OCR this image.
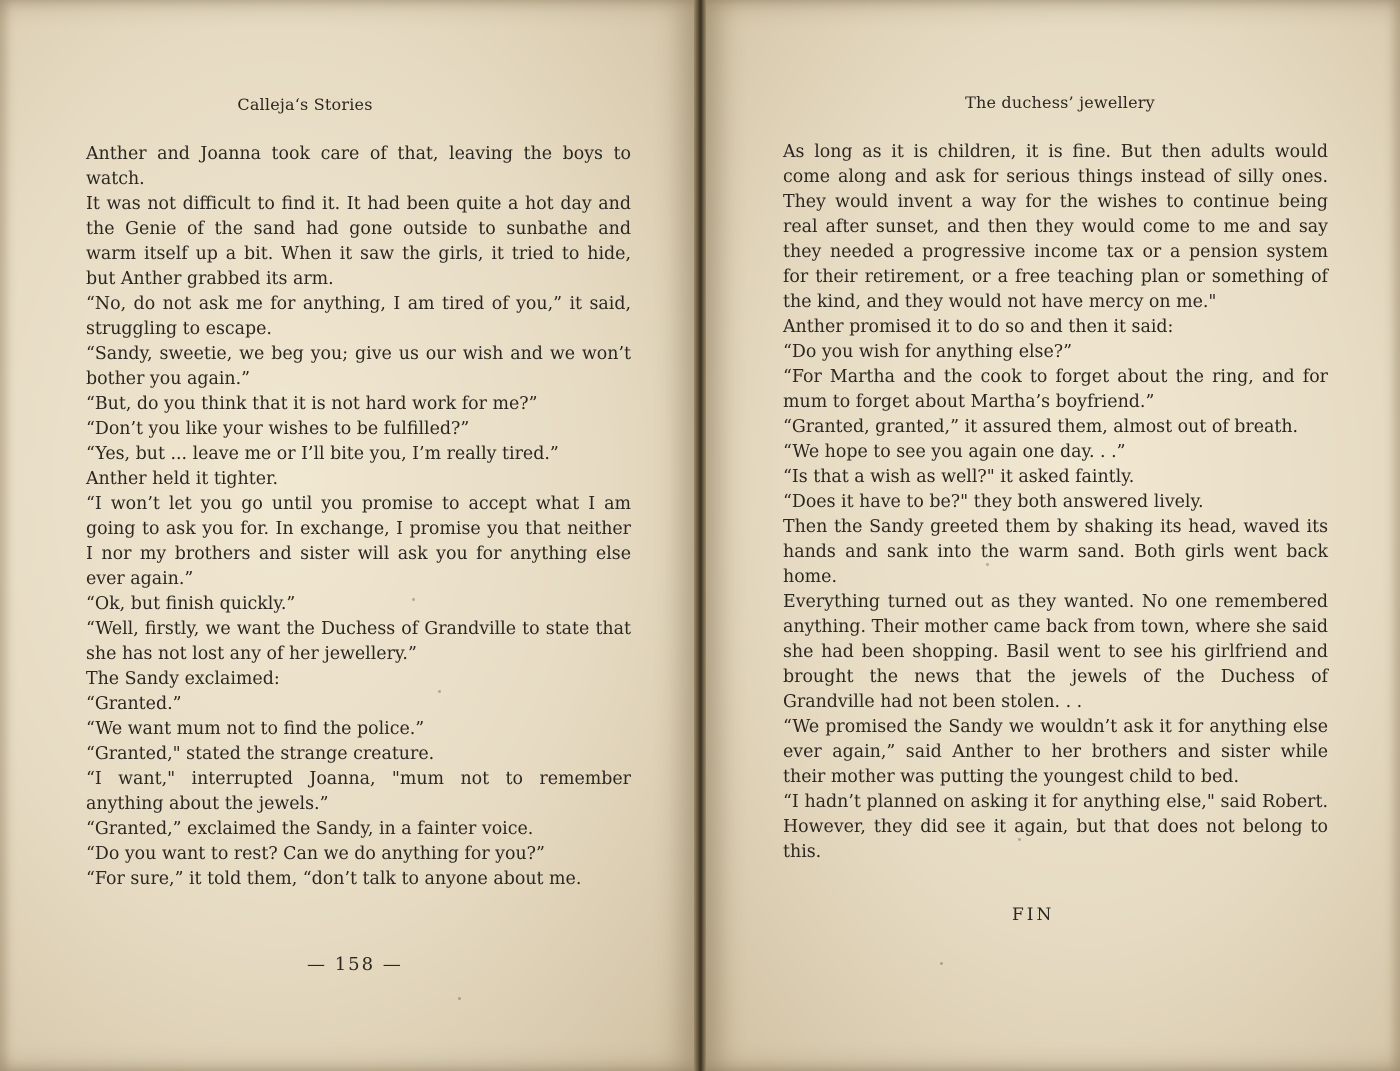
Calleja‘s Stories

Anther and Joanna took care of that, leaving the boys to watch.

It was not difficult to find it. It had been quite a hot day and the Genie of the sand had gone outside to sunbathe and warm itself up a bit. When it saw the girls, it tried to hide, but Anther grabbed its arm.

“No, do not ask me for anything, I am tired of you,” it said, struggling to escape.

“Sandy, sweetie, we beg you; give us our wish and we won’t bother you again.”

“But, do you think that it is not hard work for me?”

“Don’t you like your wishes to be fulfilled?”

“Yes, but ... leave me or I’ll bite you, I’m really tired.”

Anther held it tighter.

“I won’t let you go until you promise to accept what I am going to ask you for. In exchange, I promise you that neither I nor my brothers and sister will ask you for anything else ever again.”

“Ok, but finish quickly.”

“Well, firstly, we want the Duchess of Grandville to state that she has not lost any of her jewellery.”

The Sandy exclaimed:

“Granted.”

“We want mum not to find the police.”

“Granted," stated the strange creature.

“I want," interrupted Joanna, "mum not to remember anything about the jewels.”

“Granted,” exclaimed the Sandy, in a fainter voice.

“Do you want to rest? Can we do anything for you?”

“For sure,” it told them, “don’t talk to anyone about me.

— 158 —
The duchess’ jewellery

As long as it is children, it is fine. But then adults would come along and ask for serious things instead of silly ones. They would invent a way for the wishes to continue being real after sunset, and then they would come to me and say they needed a progressive income tax or a pension system for their retirement, or a free teaching plan or something of the kind, and they would not have mercy on me."

Anther promised it to do so and then it said:

“Do you wish for anything else?”

“For Martha and the cook to forget about the ring, and for mum to forget about Martha’s boyfriend.”

“Granted, granted,” it assured them, almost out of breath.

“We hope to see you again one day. . .”

“Is that a wish as well?" it asked faintly.

“Does it have to be?" they both answered lively.

Then the Sandy greeted them by shaking its head, waved its hands and sank into the warm sand. Both girls went back home.

Everything turned out as they wanted. No one remembered anything. Their mother came back from town, where she said she had been shopping. Basil went to see his girlfriend and brought the news that the jewels of the Duchess of Grandville had not been stolen. . .

“We promised the Sandy we wouldn’t ask it for anything else ever again,” said Anther to her brothers and sister while their mother was putting the youngest child to bed.

“I hadn’t planned on asking it for anything else," said Robert. However, they did see it again, but that does not belong to this.

FIN
